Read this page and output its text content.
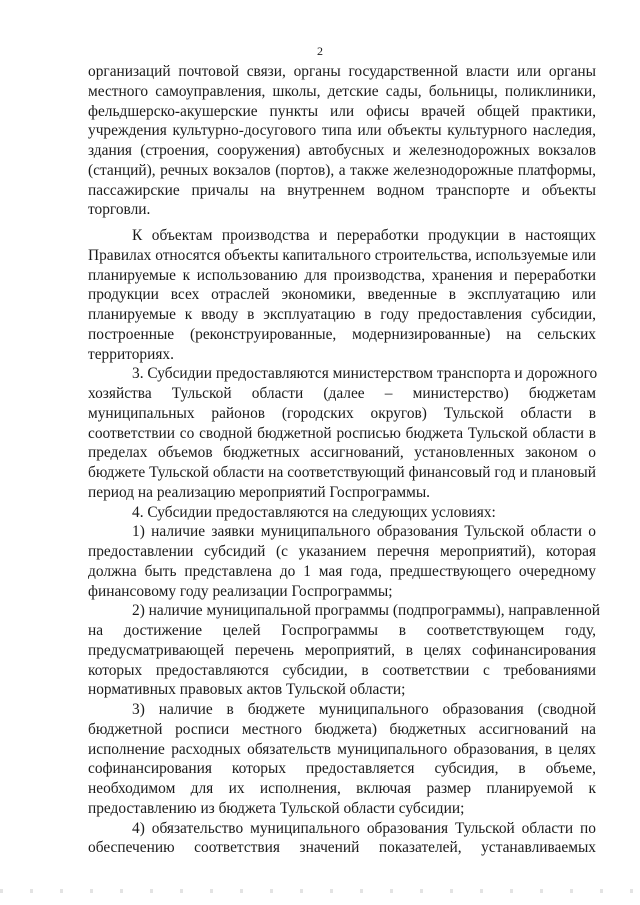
2
организаций почтовой связи, органы государственной власти или органы
местного самоуправления, школы, детские сады, больницы, поликлиники,
фельдшерско-акушерские пункты или офисы врачей общей практики,
учреждения культурно-досугового типа или объекты культурного наследия,
здания (строения, сооружения) автобусных и железнодорожных вокзалов
(станций), речных вокзалов (портов), а также железнодорожные платформы,
пассажирские причалы на внутреннем водном транспорте и объекты
торговли.
К объектам производства и переработки продукции в настоящих
Правилах относятся объекты капитального строительства, используемые или
планируемые к использованию для производства, хранения и переработки
продукции всех отраслей экономики, введенные в эксплуатацию или
планируемые к вводу в эксплуатацию в году предоставления субсидии,
построенные (реконструированные, модернизированные) на сельских
территориях.
3. Субсидии предоставляются министерством транспорта и дорожного
хозяйства Тульской области (далее – министерство) бюджетам
муниципальных районов (городских округов) Тульской области в
соответствии со сводной бюджетной росписью бюджета Тульской области в
пределах объемов бюджетных ассигнований, установленных законом о
бюджете Тульской области на соответствующий финансовый год и плановый
период на реализацию мероприятий Госпрограммы.
4. Субсидии предоставляются на следующих условиях:
1) наличие заявки муниципального образования Тульской области о
предоставлении субсидий (с указанием перечня мероприятий), которая
должна быть представлена до 1 мая года, предшествующего очередному
финансовому году реализации Госпрограммы;
2) наличие муниципальной программы (подпрограммы), направленной
на достижение целей Госпрограммы в соответствующем году,
предусматривающей перечень мероприятий, в целях софинансирования
которых предоставляются субсидии, в соответствии с требованиями
нормативных правовых актов Тульской области;
3) наличие в бюджете муниципального образования (сводной
бюджетной росписи местного бюджета) бюджетных ассигнований на
исполнение расходных обязательств муниципального образования, в целях
софинансирования которых предоставляется субсидия, в объеме,
необходимом для их исполнения, включая размер планируемой к
предоставлению из бюджета Тульской области субсидии;
4) обязательство муниципального образования Тульской области по
обеспечению соответствия значений показателей, устанавливаемых
